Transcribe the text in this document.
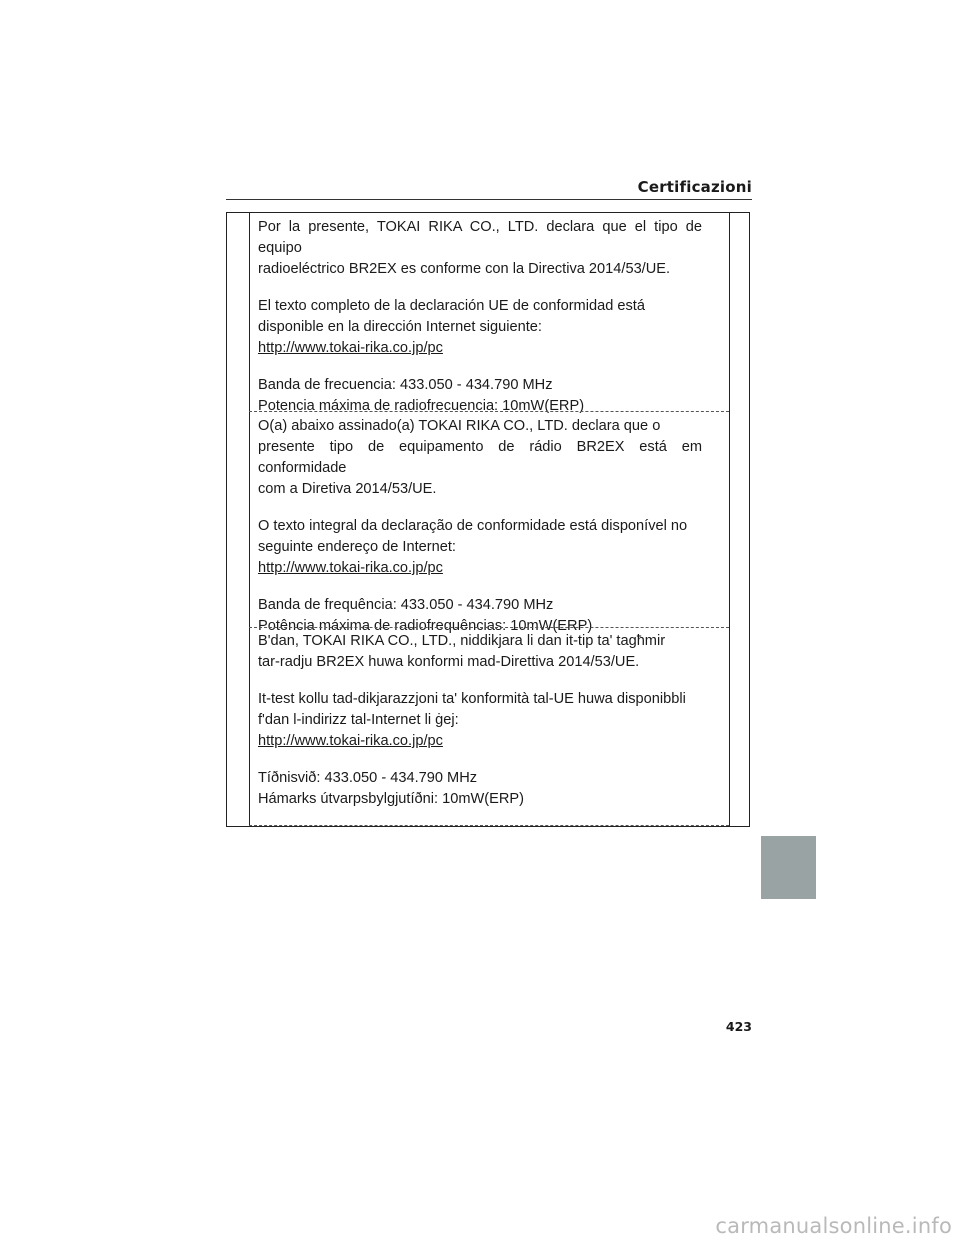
Certificazioni

Por la presente, TOKAI RIKA CO., LTD. declara que el tipo de equipo

radioeléctrico BR2EX es conforme con la Directiva 2014/53/UE.

El texto completo de la declaración UE de conformidad está

disponible en la dirección Internet siguiente:

http://www.tokai-rika.co.jp/pc

Banda de frecuencia: 433.050 - 434.790 MHz

Potencia máxima de radiofrecuencia: 10mW(ERP)

O(a) abaixo assinado(a) TOKAI RIKA CO., LTD. declara que o

presente tipo de equipamento de rádio BR2EX está em conformidade

com a Diretiva 2014/53/UE.

O texto integral da declaração de conformidade está disponível no

seguinte endereço de Internet:

http://www.tokai-rika.co.jp/pc

Banda de frequência: 433.050 - 434.790 MHz

Potência máxima de radiofrequências: 10mW(ERP)

B'dan, TOKAI RIKA CO., LTD., niddikjara li dan it-tip ta' tagħmir

tar-radju BR2EX huwa konformi mad-Direttiva 2014/53/UE.

It-test kollu tad-dikjarazzjoni ta' konformità tal-UE huwa disponibbli

f'dan l-indirizz tal-Internet li ġej:

http://www.tokai-rika.co.jp/pc

Tíðnisvið: 433.050 - 434.790 MHz

Hámarks útvarpsbylgjutíðni: 10mW(ERP)

423
carmanualsonline.info
